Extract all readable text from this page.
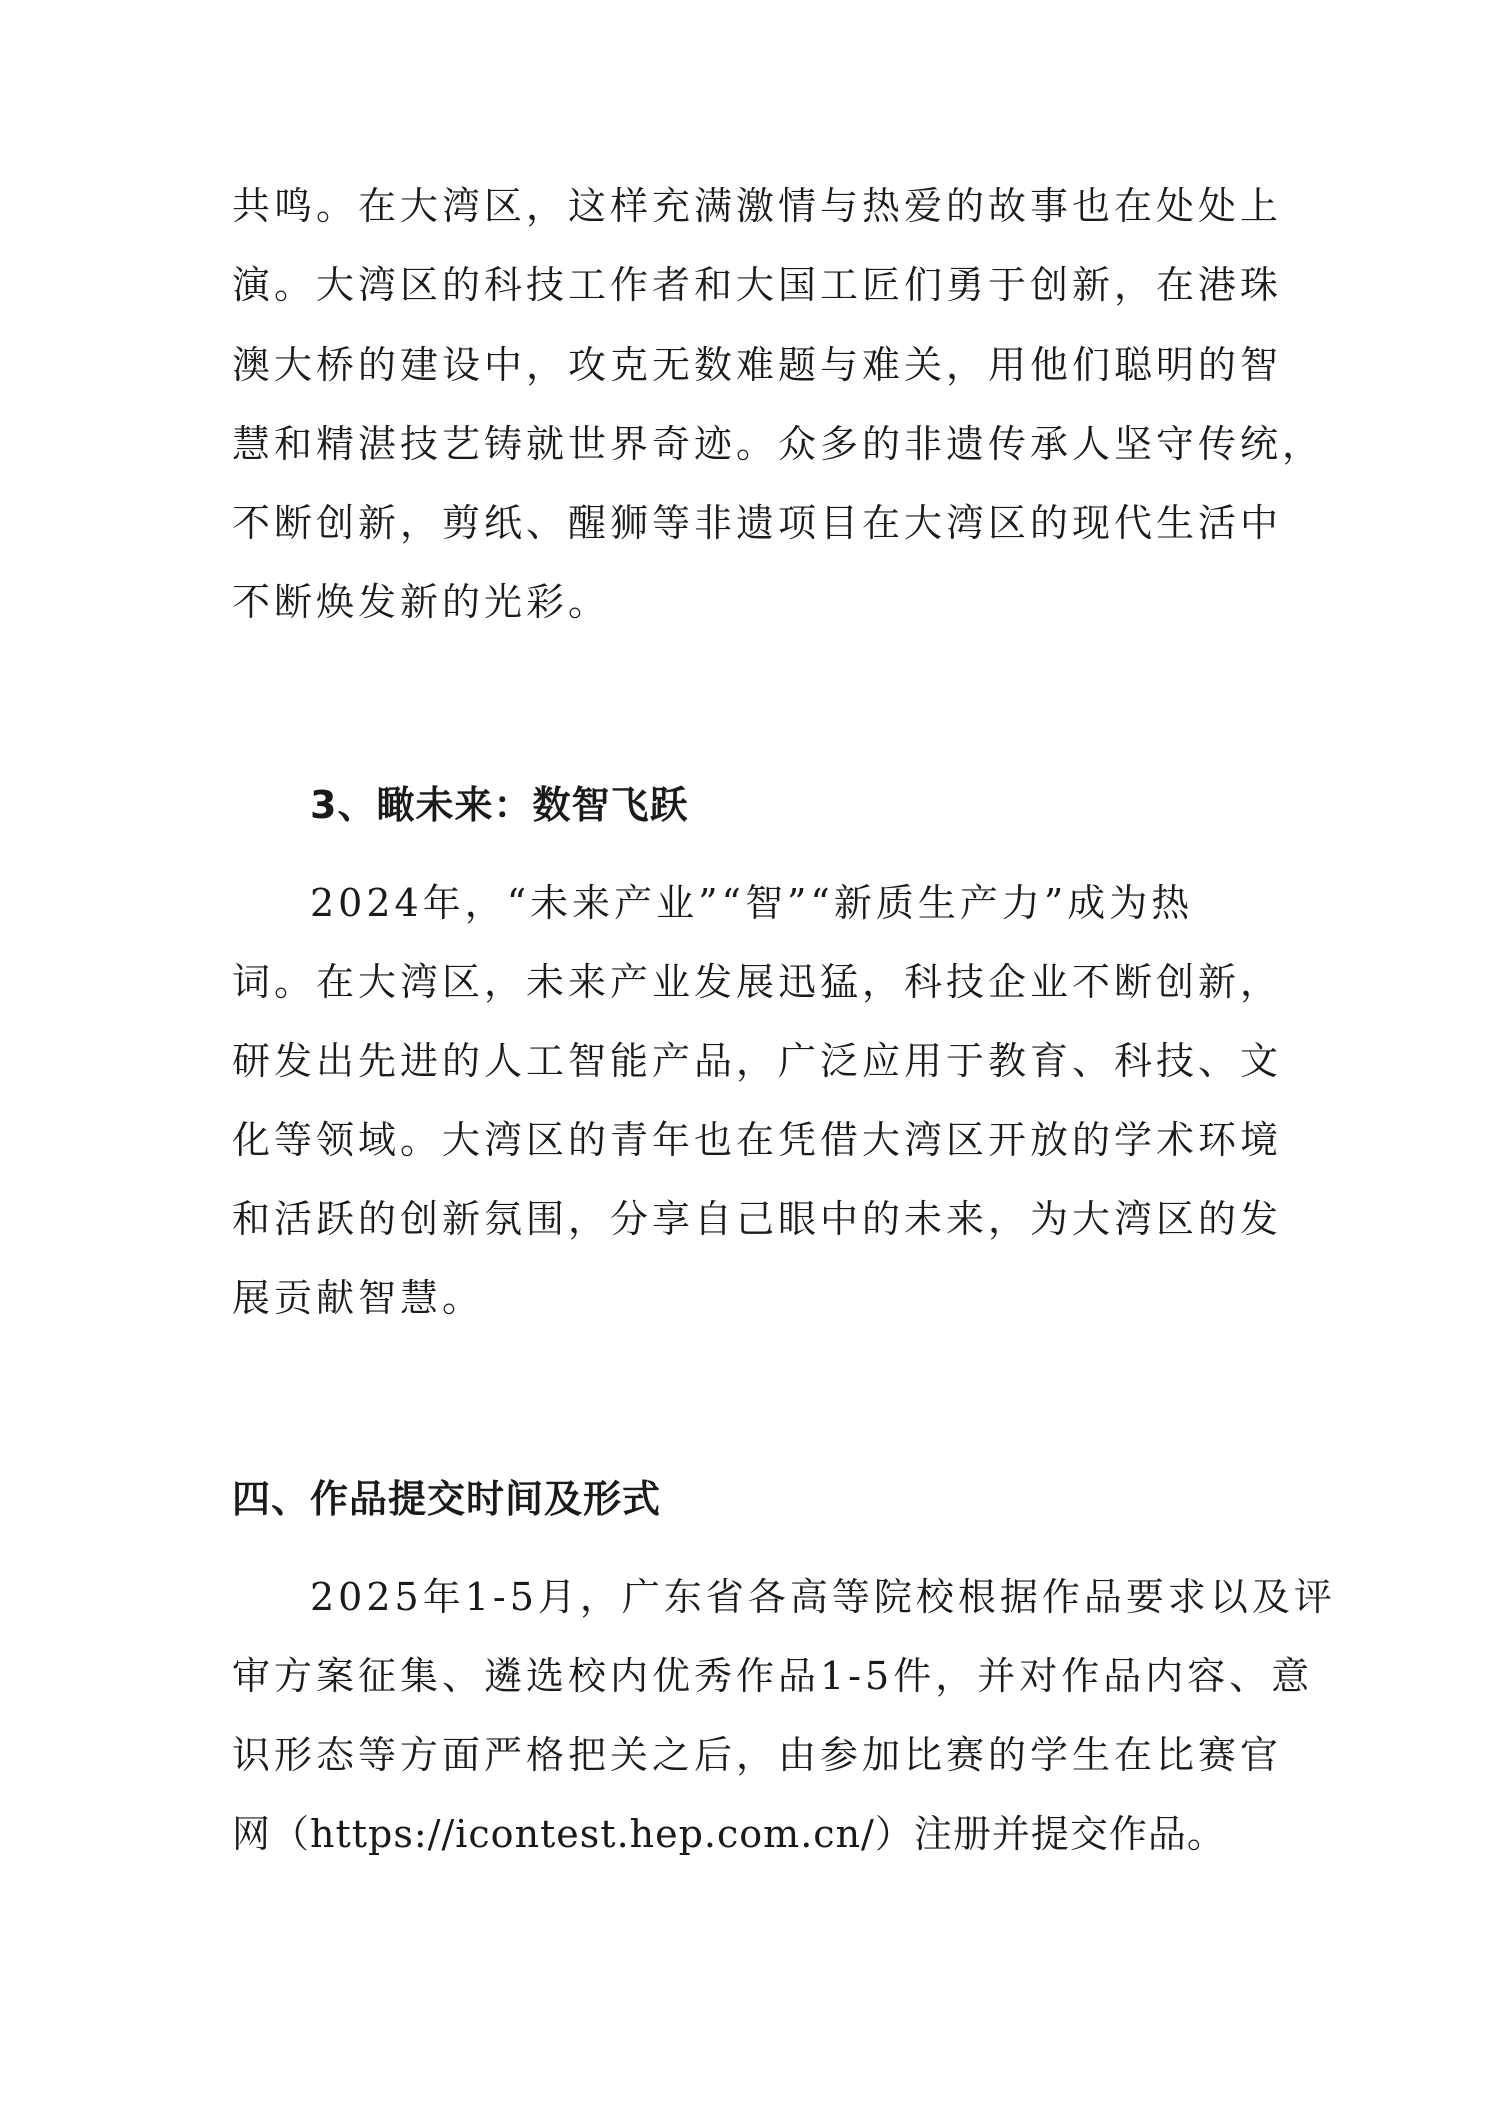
共鸣。在大湾区，这样充满激情与热爱的故事也在处处上
演。大湾区的科技工作者和大国工匠们勇于创新，在港珠
澳大桥的建设中，攻克无数难题与难关，用他们聪明的智
慧和精湛技艺铸就世界奇迹。众多的非遗传承人坚守传统，
不断创新，剪纸、醒狮等非遗项目在大湾区的现代生活中
不断焕发新的光彩。
3、瞰未来：数智飞跃
2024年，“未来产业”“智”“新质生产力”成为热
词。在大湾区，未来产业发展迅猛，科技企业不断创新，
研发出先进的人工智能产品，广泛应用于教育、科技、文
化等领域。大湾区的青年也在凭借大湾区开放的学术环境
和活跃的创新氛围，分享自己眼中的未来，为大湾区的发
展贡献智慧。
四、作品提交时间及形式
2025年1-5月，广东省各高等院校根据作品要求以及评
审方案征集、遴选校内优秀作品1-5件，并对作品内容、意
识形态等方面严格把关之后，由参加比赛的学生在比赛官
网（https://icontest.hep.com.cn/）注册并提交作品。
